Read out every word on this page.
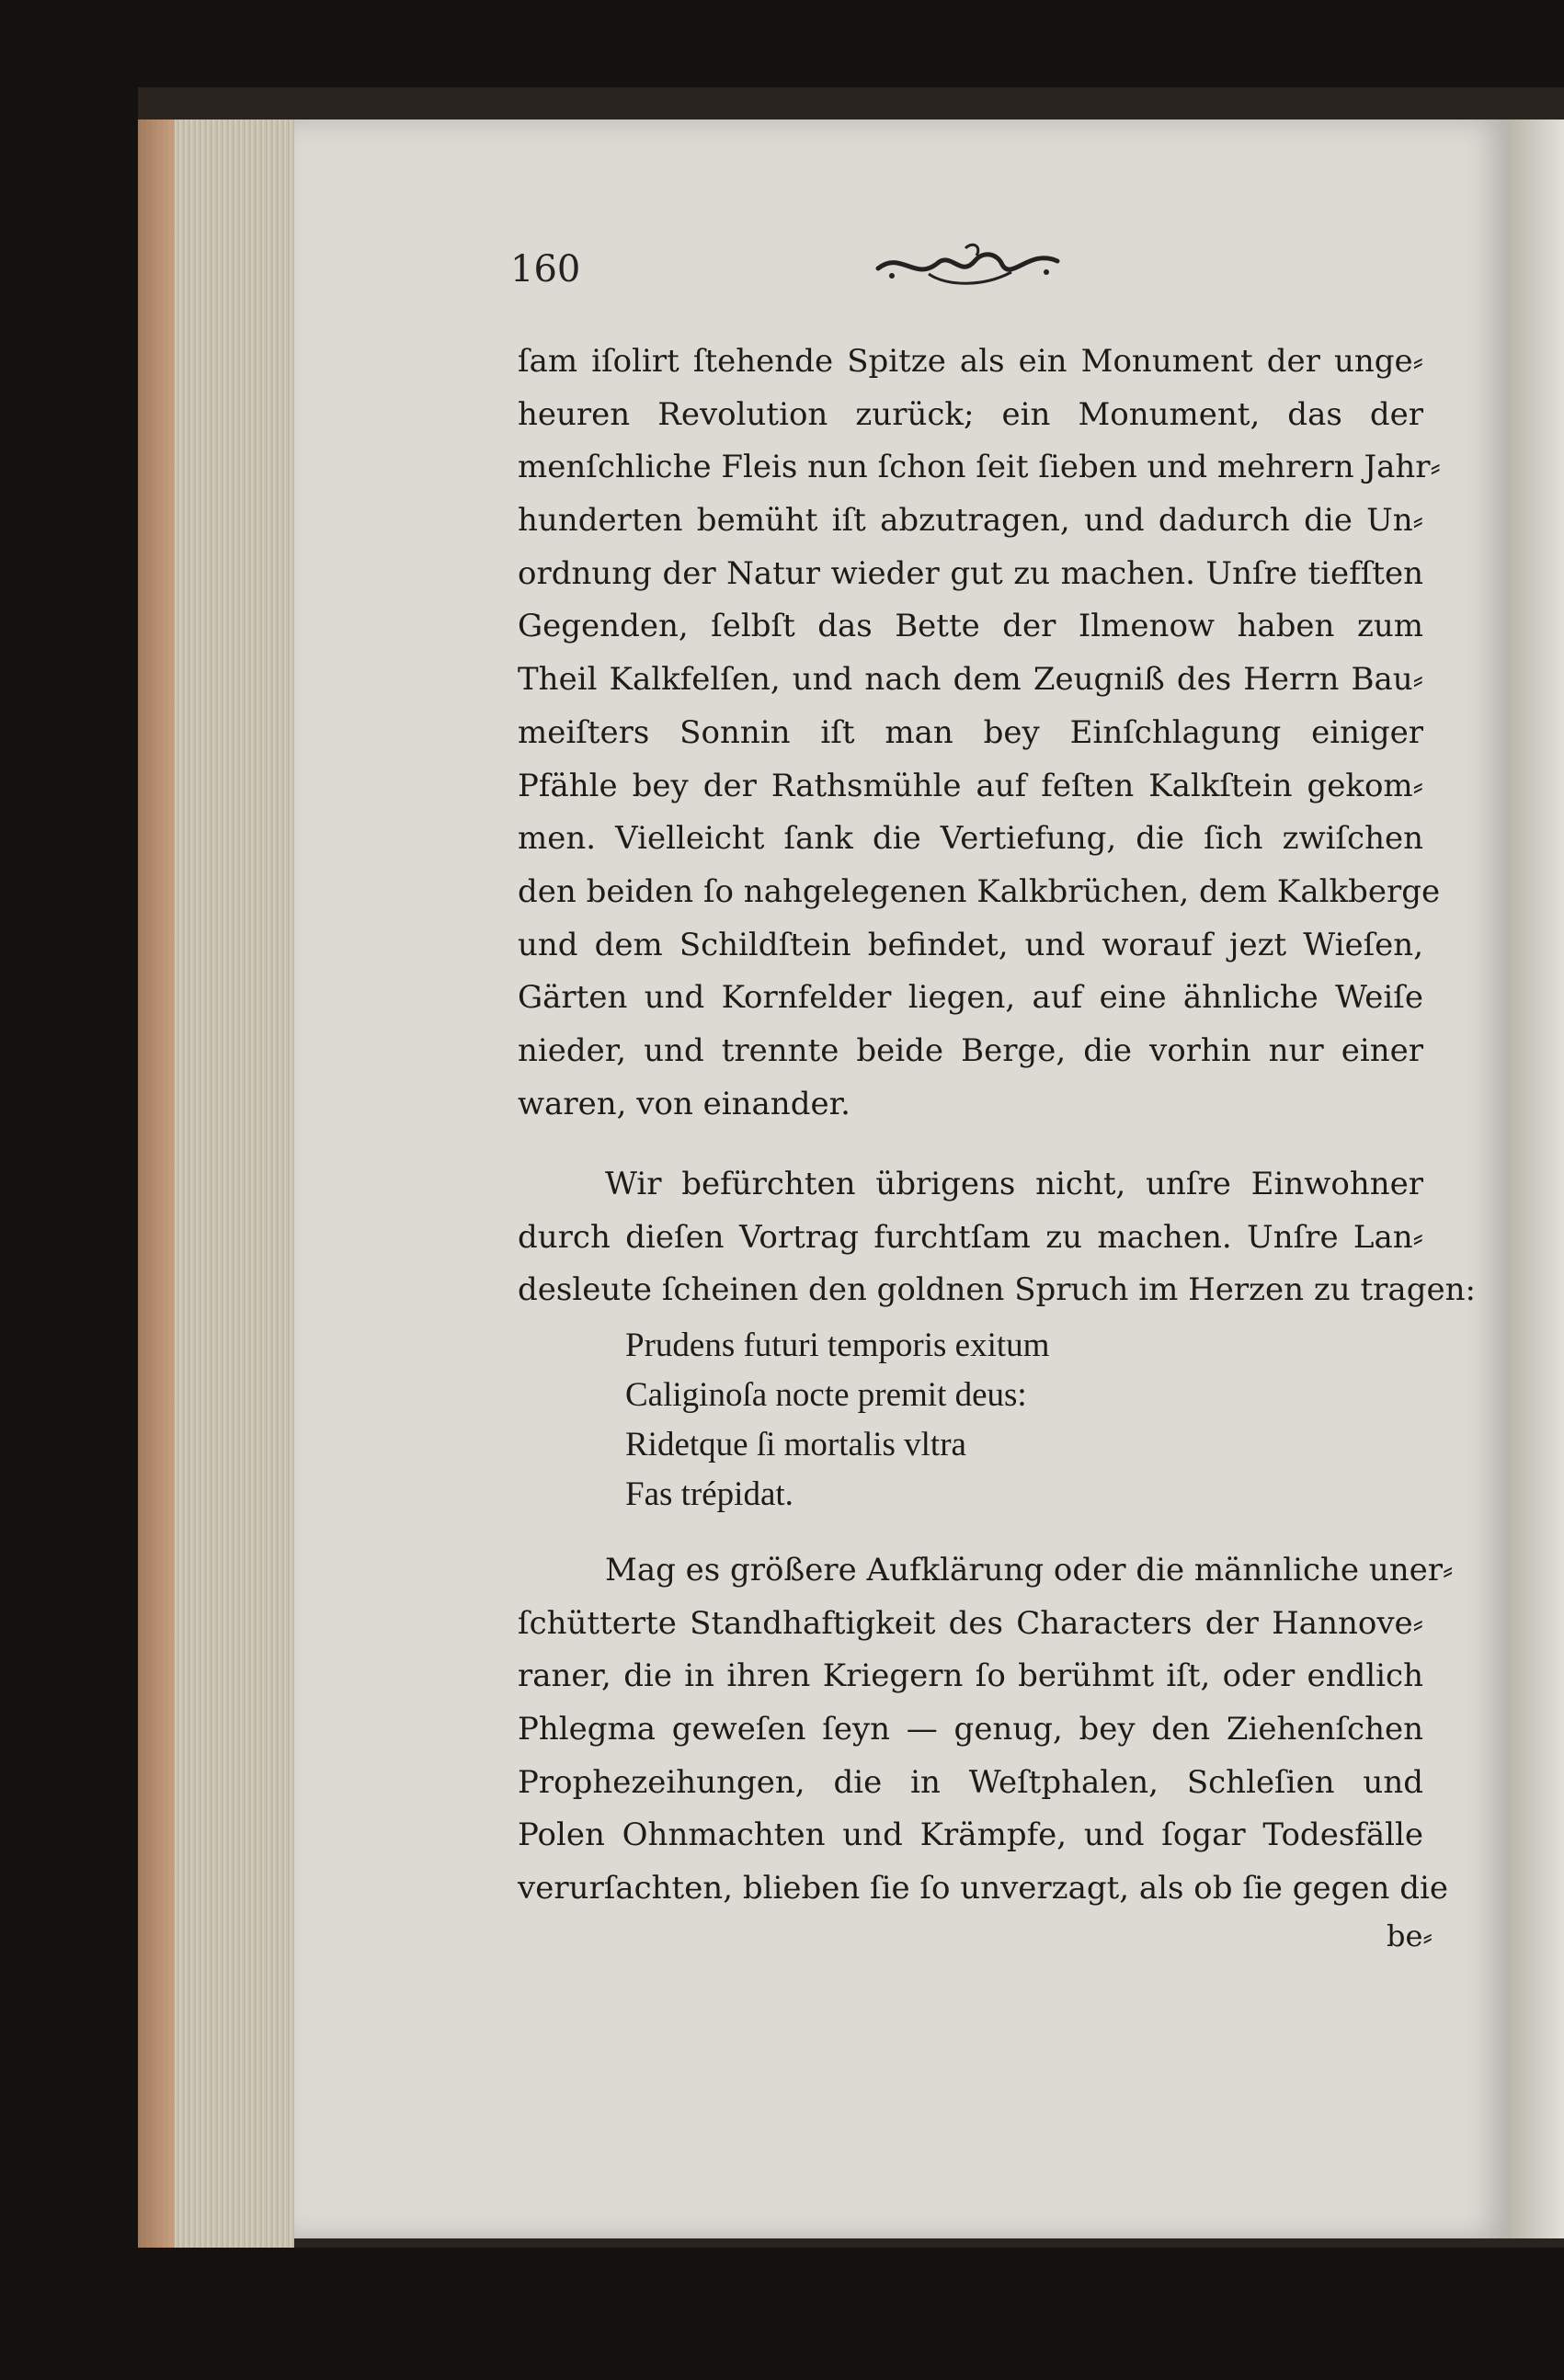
160
ſam iſolirt ſtehende Spitze als ein Monument der unge⸗
heuren Revolution zurück; ein Monument, das der
menſchliche Fleis nun ſchon ſeit ſieben und mehrern Jahr⸗
hunderten bemüht iſt abzutragen, und dadurch die Un⸗
ordnung der Natur wieder gut zu machen. Unſre tiefſten
Gegenden, ſelbſt das Bette der Ilmenow haben zum
Theil Kalkfelſen, und nach dem Zeugniß des Herrn Bau⸗
meiſters Sonnin iſt man bey Einſchlagung einiger
Pfähle bey der Rathsmühle auf feſten Kalkſtein gekom⸗
men. Vielleicht ſank die Vertiefung, die ſich zwiſchen
den beiden ſo nahgelegenen Kalkbrüchen, dem Kalkberge
und dem Schildſtein befindet, und worauf jezt Wieſen,
Gärten und Kornfelder liegen, auf eine ähnliche Weiſe
nieder, und trennte beide Berge, die vorhin nur einer
waren, von einander.
Wir befürchten übrigens nicht, unſre Einwohner
durch dieſen Vortrag furchtſam zu machen. Unſre Lan⸗
desleute ſcheinen den goldnen Spruch im Herzen zu tragen:
Prudens futuri temporis exitum
Caliginoſa nocte premit deus:
Ridetque ſi mortalis vltra
Fas trépidat.
Mag es größere Aufklärung oder die männliche uner⸗
ſchütterte Standhaftigkeit des Characters der Hannove⸗
raner, die in ihren Kriegern ſo berühmt iſt, oder endlich
Phlegma geweſen ſeyn — genug, bey den Ziehenſchen
Prophezeihungen, die in Weſtphalen, Schleſien und
Polen Ohnmachten und Krämpfe, und ſogar Todesfälle
verurſachten, blieben ſie ſo unverzagt, als ob ſie gegen die
be⸗
